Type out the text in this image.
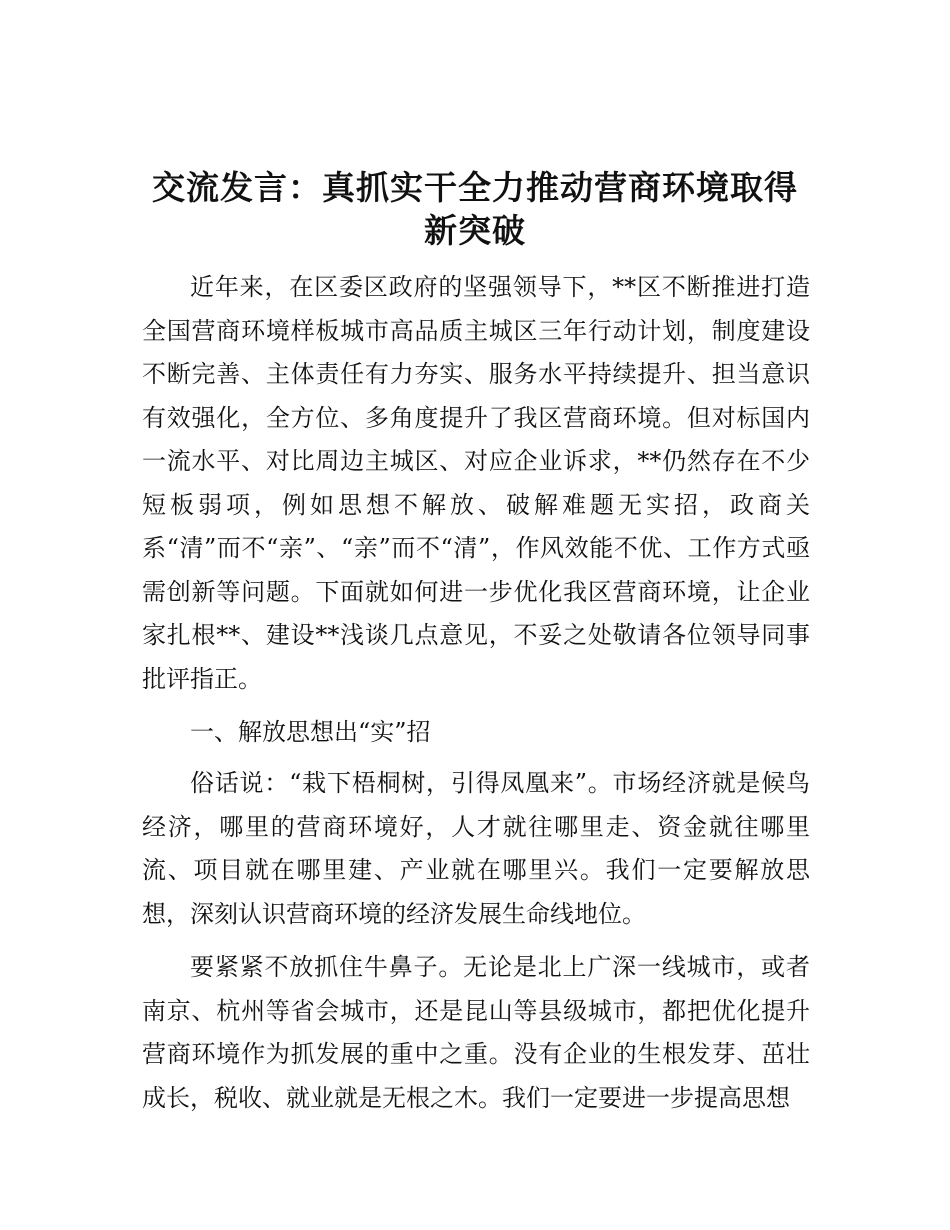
交流发言：真抓实干全力推动营商环境取得新突破

近年来，在区委区政府的坚强领导下，**区不断推进打造全国营商环境样板城市高品质主城区三年行动计划，制度建设不断完善、主体责任有力夯实、服务水平持续提升、担当意识有效强化，全方位、多角度提升了我区营商环境。但对标国内一流水平、对比周边主城区、对应企业诉求，**仍然存在不少短板弱项，例如思想不解放、破解难题无实招，政商关系“清”而不“亲”、“亲”而不“清”，作风效能不优、工作方式亟需创新等问题。下面就如何进一步优化我区营商环境，让企业家扎根**、建设**浅谈几点意见，不妥之处敬请各位领导同事批评指正。

一、解放思想出“实”招

俗话说：“栽下梧桐树，引得凤凰来”。市场经济就是候鸟经济，哪里的营商环境好，人才就往哪里走、资金就往哪里流、项目就在哪里建、产业就在哪里兴。我们一定要解放思想，深刻认识营商环境的经济发展生命线地位。

要紧紧不放抓住牛鼻子。无论是北上广深一线城市，或者南京、杭州等省会城市，还是昆山等县级城市，都把优化提升营商环境作为抓发展的重中之重。没有企业的生根发芽、茁壮成长，税收、就业就是无根之木。我们一定要进一步提高思想
